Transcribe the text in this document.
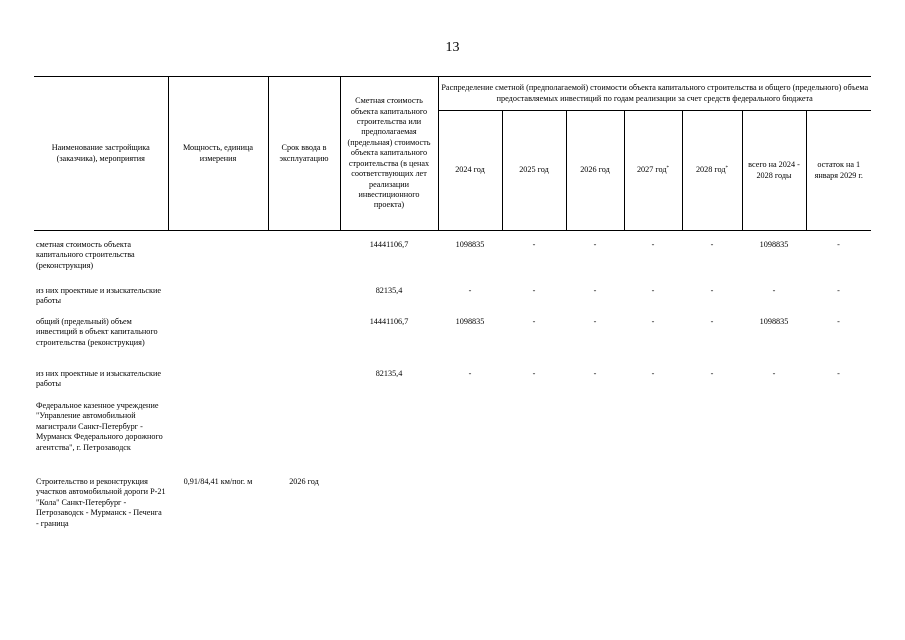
13
Наименование застройщика (заказчика), мероприятия	Мощность, единица измерения	Срок ввода в эксплуатацию	Сметная стоимость объекта капитального строительства или предполагаемая (предельная) стоимость объекта капитального строительства (в ценах соответствующих лет реализации инвестиционного проекта)	Распределение сметной (предполагаемой) стоимости объекта капитального строительства и общего (предельного) объема предоставляемых инвестиций по годам реализации за счет средств федерального бюджета						
				2024 год	2025 год	2026 год	2027 год*	2028 год*	всего на 2024 - 2028 годы	остаток на 1 января 2029 г.

сметная стоимость объекта капитального строительства (реконструкция)			14441106,7	1098835	-	-	-	-	1098835	-
из них проектные и изыскательские работы			82135,4	-	-	-	-	-	-	-
общий (предельный) объем инвестиций в объект капитального строительства (реконструкция)			14441106,7	1098835	-	-	-	-	1098835	-
из них проектные и изыскательские работы			82135,4	-	-	-	-	-	-	-
Федеральное казенное учреждение "Управление автомобильной магистрали Санкт-Петербург - Мурманск Федерального дорожного агентства", г. Петрозаводск										
Строительство и реконструкция участков автомобильной дороги Р-21 "Кола" Санкт-Петербург - Петрозаводск - Мурманск - Печенга - граница	0,91/84,41 км/пог. м	2026 год								
